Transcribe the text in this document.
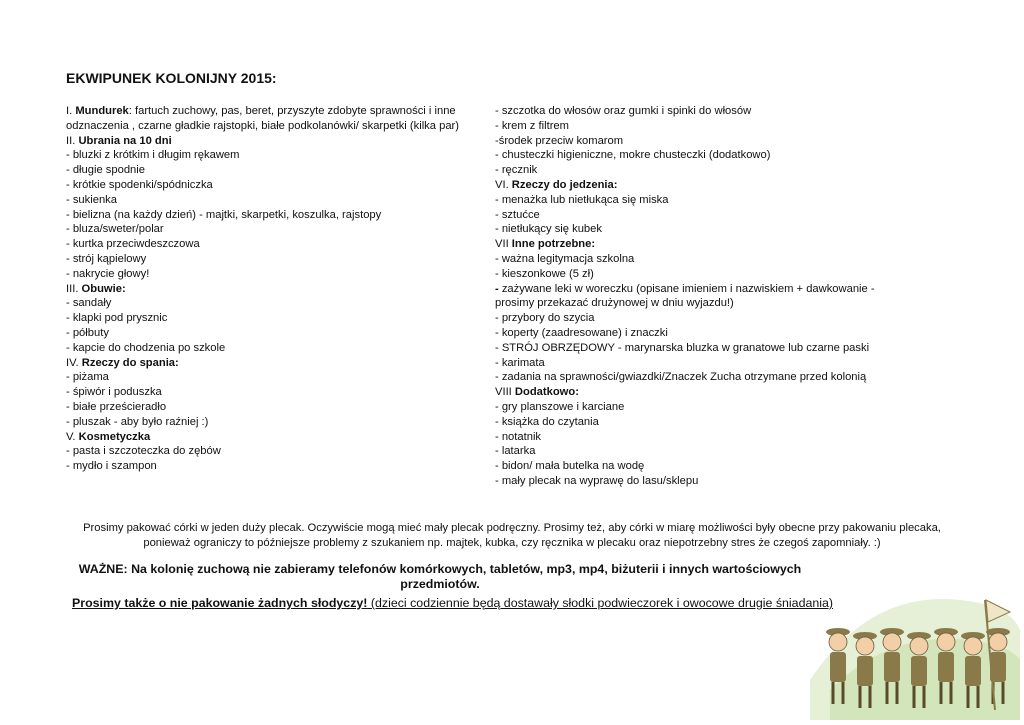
EKWIPUNEK KOLONIJNY 2015:
I. Mundurek: fartuch zuchowy, pas, beret, przyszyte zdobyte sprawności i inne
odznaczenia , czarne gładkie rajstopki, białe podkolanówki/ skarpetki (kilka par)
II. Ubrania na 10 dni
- bluzki z krótkim i długim rękawem
- długie spodnie
- krótkie spodenki/spódniczka
- sukienka
- bielizna (na każdy dzień) - majtki, skarpetki, koszulka, rajstopy
- bluza/sweter/polar
- kurtka przeciwdeszczowa
- strój kąpielowy
- nakrycie głowy!
III. Obuwie:
- sandały
- klapki pod prysznic
- półbuty
- kapcie do chodzenia po szkole
IV. Rzeczy do spania:
- piżama
- śpiwór i poduszka
- białe prześcieradło
- pluszak - aby było raźniej :)
V. Kosmetyczka
- pasta i szczoteczka do zębów
- mydło i szampon
- szczotka do włosów oraz gumki i spinki do włosów
- krem z filtrem
-środek przeciw komarom
- chusteczki higieniczne, mokre chusteczki (dodatkowo)
- ręcznik
VI. Rzeczy do jedzenia:
- menażka lub nietłukąca się miska
- sztućce
- nietłukący się kubek
VII Inne potrzebne:
- ważna legitymacja szkolna
- kieszonkowe (5 zł)
- zażywane leki w woreczku (opisane imieniem i nazwiskiem + dawkowanie -
prosimy przekazać drużynowej w dniu wyjazdu!)
- przybory do szycia
- koperty (zaadresowane) i znaczki
- STRÓJ OBRZĘDOWY - marynarska bluzka w granatowe lub czarne paski
- karimata
- zadania na sprawności/gwiazdki/Znaczek Zucha otrzymane przed kolonią
VIII Dodatkowo:
- gry planszowe i karciane
- książka do czytania
- notatnik
- latarka
- bidon/ mała butelka na wodę
- mały plecak na wyprawę do lasu/sklepu
Prosimy pakować córki w jeden duży plecak. Oczywiście mogą mieć mały plecak podręczny. Prosimy też, aby córki w miarę możliwości były obecne przy pakowaniu plecaka,
ponieważ ograniczy to późniejsze problemy z szukaniem np. majtek, kubka, czy ręcznika w plecaku oraz niepotrzebny stres że czegoś zapomniały. :)
WAŻNE: Na kolonię zuchową nie zabieramy telefonów komórkowych, tabletów, mp3, mp4, biżuterii i innych wartościowych
przedmiotów.
Prosimy także o nie pakowanie żadnych słodyczy! (dzieci codziennie będą dostawały słodki podwieczorek i owocowe drugie śniadania)
